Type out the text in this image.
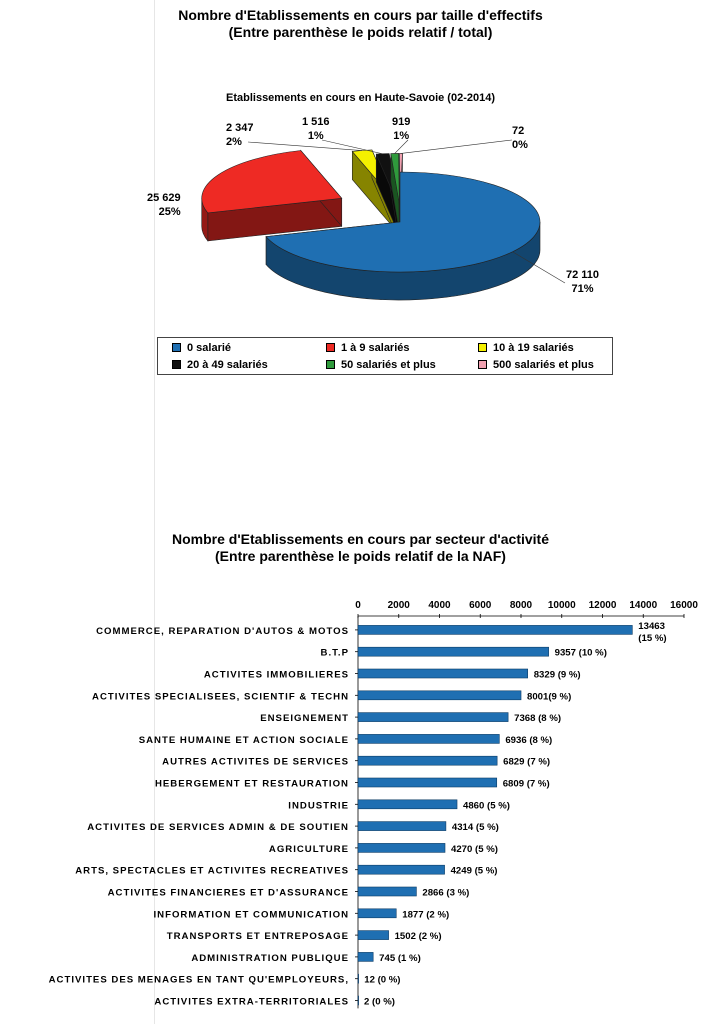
Nombre d'Etablissements en cours par taille d'effectifs
(Entre parenthèse le poids relatif / total)
Etablissements en cours en Haute-Savoie (02-2014)
2 347
2%
1 516
1%
919
1%	72
0%
25 629
25%
72 110
71%
0 salarié	1 à 9 salariés	10 à 19 salariés
20 à 49 salariés	50 salariés et plus	500 salariés et plus
Nombre d'Etablissements en cours par secteur d'activité
(Entre parenthèse le poids relatif de la NAF)
0	2000 4000 6000 8000 10000 12000 14000 16000
COMMERCE, REPARATION D'AUTOS & MOTOS	13463
(15 %)
B.T.P	9357 (10 %)
ACTIVITES IMMOBILIERES	8329 (9 %)
ACTIVITES SPECIALISEES, SCIENTIF & TECHN	8001(9 %)
ENSEIGNEMENT	7368 (8 %)
SANTE HUMAINE ET ACTION SOCIALE	6936 (8 %)
AUTRES ACTIVITES DE SERVICES	6829 (7 %)
HEBERGEMENT ET RESTAURATION	6809 (7 %)
INDUSTRIE	4860 (5 %)
ACTIVITES DE SERVICES ADMIN & DE SOUTIEN	4314 (5 %)
AGRICULTURE	4270 (5 %)
ARTS, SPECTACLES ET ACTIVITES RECREATIVES	4249 (5 %)
ACTIVITES FINANCIERES ET D'ASSURANCE	2866 (3 %)
INFORMATION ET COMMUNICATION	1877 (2 %)
TRANSPORTS ET ENTREPOSAGE	1502 (2 %)
ADMINISTRATION PUBLIQUE	745 (1 %)
ACTIVITES DES MENAGES EN TANT QU'EMPLOYEURS, 12 (0 %)
ACTIVITES EXTRA-TERRITORIALES 2 (0 %)
